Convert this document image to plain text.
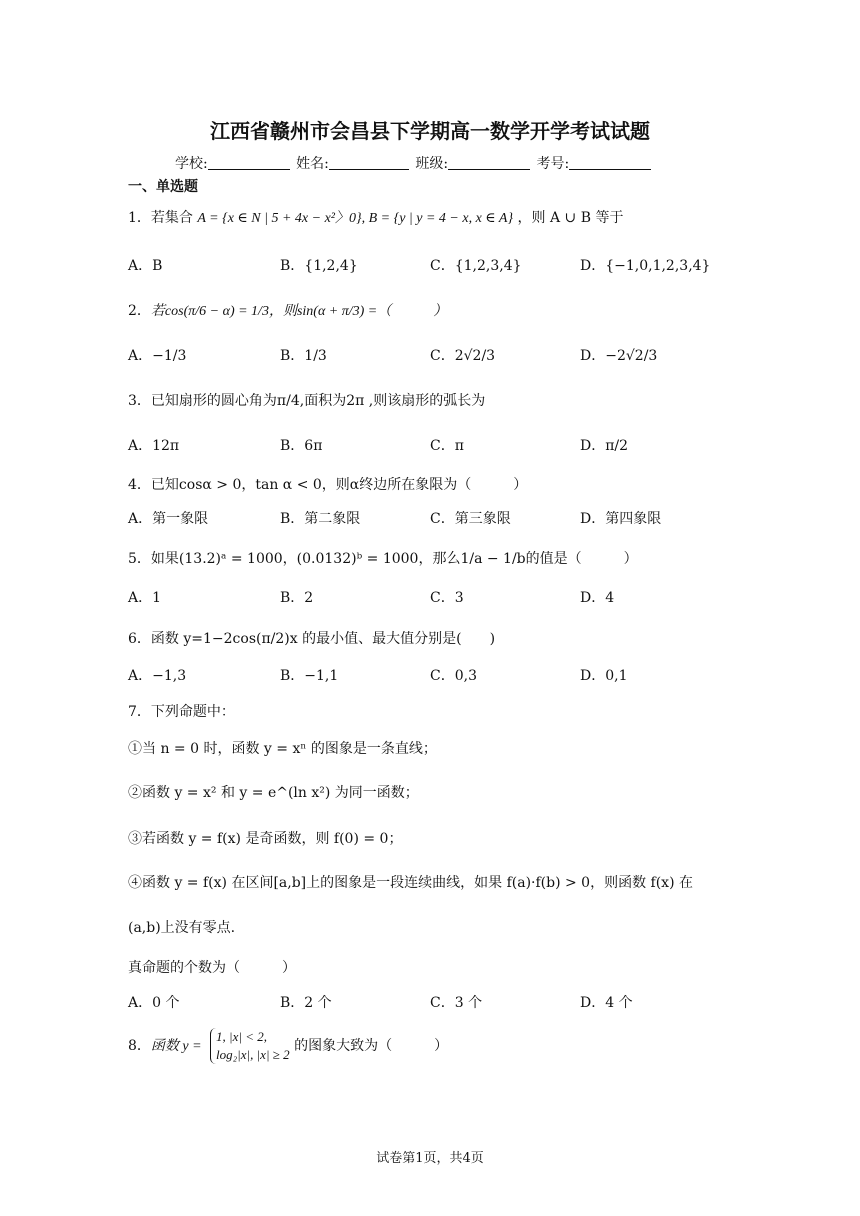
江西省赣州市会昌县下学期高一数学开学考试试题
学校:	姓名:	班级:	考号:
一、单选题
1．若集合 A = {x ∈ N | 5 + 4x − x²〉0}, B = {y | y = 4 − x, x ∈ A} ，则 A ∪ B 等于
A．B	B．{1,2,4}	C．{1,2,3,4}	D．{−1,0,1,2,3,4}
2．若cos(π/6 − α) = 1/3，则sin(α + π/3) =（　　　）
A．−1/3	B．1/3	C．2√2/3	D．−2√2/3
3．已知扇形的圆心角为π/4,面积为2π ,则该扇形的弧长为
A．12π	B．6π	C．π	D．π/2
4．已知cosα > 0，tan α < 0，则α终边所在象限为（　　　）
A．第一象限	B．第二象限	C．第三象限	D．第四象限
5．如果(13.2)ᵃ = 1000，(0.0132)ᵇ = 1000，那么1/a − 1/b的值是（　　　）
A．1	B．2	C．3	D．4
6．函数 y=1−2cos(π/2)x 的最小值、最大值分别是(　　)
A．−1,3	B．−1,1	C．0,3	D．0,1
7．下列命题中：
①当 n = 0 时，函数 y = xⁿ 的图象是一条直线；
②函数 y = x² 和 y = e^(ln x²) 为同一函数；
③若函数 y = f(x) 是奇函数，则 f(0) = 0；
④函数 y = f(x) 在区间[a,b]上的图象是一段连续曲线，如果 f(a)·f(b) > 0，则函数 f(x) 在
(a,b)上没有零点.
真命题的个数为（　　　）
A．0 个	B．2 个	C．3 个	D．4 个
8．函数 y =
1, |x| < 2,
log₂|x|, |x| ≥ 2
的图象大致为（　　　）
试卷第1页，共4页
